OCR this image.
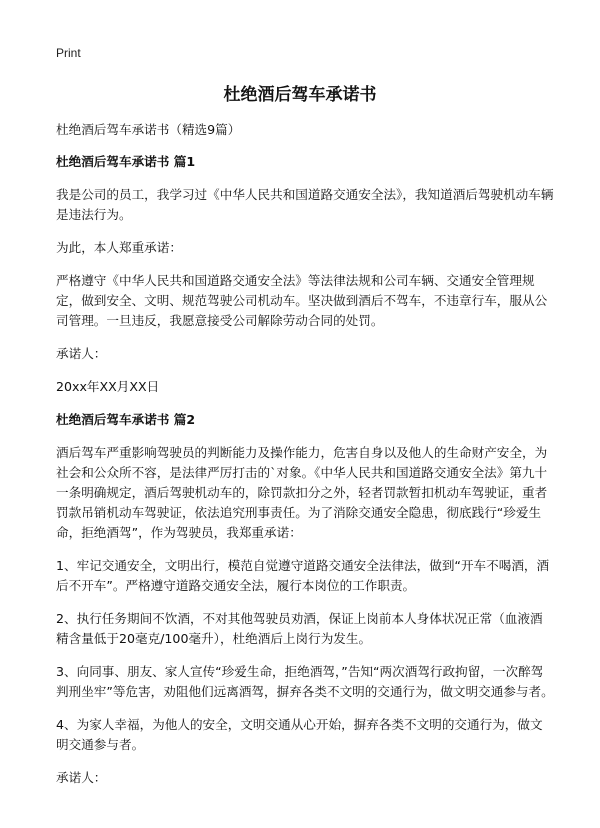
Print
杜绝酒后驾车承诺书

杜绝酒后驾车承诺书（精选9篇）

杜绝酒后驾车承诺书 篇1

我是公司的员工，我学习过《中华人民共和国道路交通安全法》，我知道酒后驾驶机动车辆是违法行为。

为此，本人郑重承诺：

严格遵守《中华人民共和国道路交通安全法》等法律法规和公司车辆、交通安全管理规定，做到安全、文明、规范驾驶公司机动车。坚决做到酒后不驾车，不违章行车，服从公司管理。一旦违反，我愿意接受公司解除劳动合同的处罚。

承诺人：

20xx年XX月XX日

杜绝酒后驾车承诺书 篇2

酒后驾车严重影响驾驶员的判断能力及操作能力，危害自身以及他人的生命财产安全，为社会和公众所不容，是法律严厉打击的`对象。《中华人民共和国道路交通安全法》第九十一条明确规定，酒后驾驶机动车的，除罚款扣分之外，轻者罚款暂扣机动车驾驶证，重者罚款吊销机动车驾驶证，依法追究刑事责任。为了消除交通安全隐患，彻底践行“珍爱生命，拒绝酒驾”，作为驾驶员，我郑重承诺：

1、牢记交通安全，文明出行，模范自觉遵守道路交通安全法律法，做到“开车不喝酒，酒后不开车”。严格遵守道路交通安全法，履行本岗位的工作职责。

2、执行任务期间不饮酒，不对其他驾驶员劝酒，保证上岗前本人身体状况正常（血液酒精含量低于20毫克/100毫升），杜绝酒后上岗行为发生。

3、向同事、朋友、家人宣传“珍爱生命，拒绝酒驾，”告知“两次酒驾行政拘留，一次醉驾判刑坐牢”等危害，劝阻他们远离酒驾，摒弃各类不文明的交通行为，做文明交通参与者。

4、为家人幸福，为他人的安全，文明交通从心开始，摒弃各类不文明的交通行为，做文明交通参与者。

承诺人：
